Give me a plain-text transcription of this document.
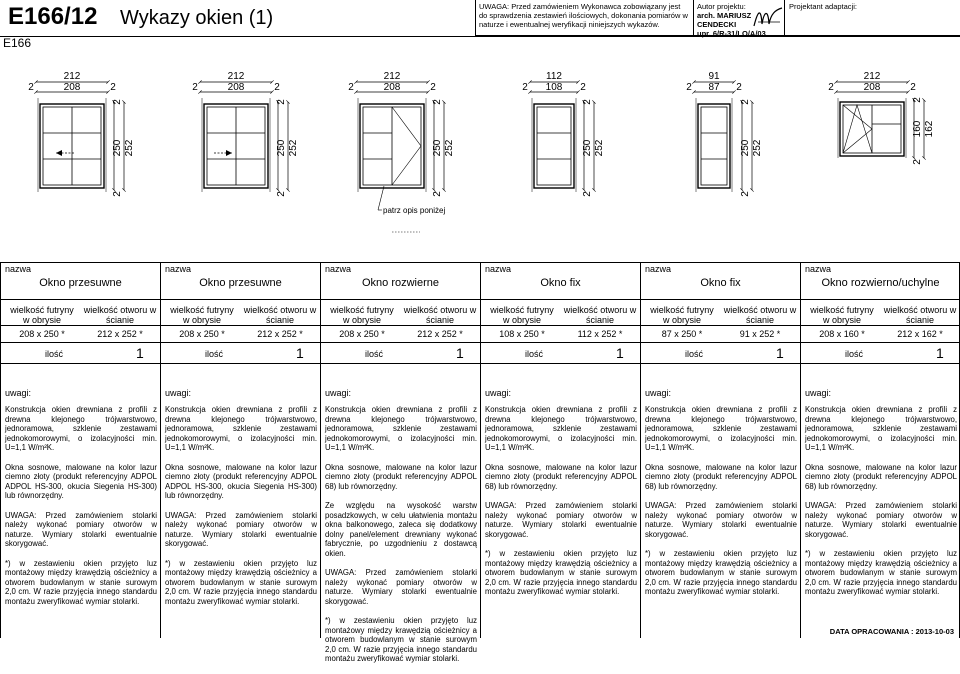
E166/12 Wykazy okien (1)
UWAGA: Przed zamówieniem Wykonawca zobowiązany jest do sprawdzenia zestawień ilościowych, dokonania pomiarów w naturze i ewentualnej weryfikacji niniejszych wykazów.
Autor projektu:
arch. MARIUSZ CENDECKI
upr. 6/R-31/LO/A/03
Projektant adaptacji:
E166
212
208
2	2
250 252
2
2
212
208
2	2
250 252
2
2
212
208
2	2
250 252
2
2
patrz opis poniżej
112
108
2	2
250 252
2
2
91
87
2	2
250 252
2
2
212
208
2	2
160 162
2
2
nazwa
Okno przesuwne
wielkość futryny w obrysie
wielkość otworu w ścianie
208 x 250 *	212 x 252 *
ilość	1
uwagi:

Konstrukcja okien drewniana z profili z drewna klejonego trójwarstwowo, jednoramowa, szklenie zestawami jednokomorowymi, o izolacyjności min. U=1,1 W/m²K.

Okna sosnowe, malowane na kolor lazur ciemno złoty (produkt referencyjny ADPOL ADPOL HS-300, okucia Siegenia HS-300) lub równorzędny.

UWAGA: Przed zamówieniem stolarki należy wykonać pomiary otworów w naturze. Wymiary stolarki ewentualnie skorygować.

*) w zestawieniu okien przyjęto luz montażowy między krawędzią ościeżnicy a otworem budowlanym w stanie surowym 2,0 cm. W razie przyjęcia innego standardu montażu zweryfikować wymiar stolarki.

nazwa
Okno przesuwne
wielkość futryny w obrysie
wielkość otworu w ścianie
208 x 250 *	212 x 252 *
ilość	1
uwagi:

Konstrukcja okien drewniana z profili z drewna klejonego trójwarstwowo, jednoramowa, szklenie zestawami jednokomorowymi, o izolacyjności min. U=1,1 W/m²K.

Okna sosnowe, malowane na kolor lazur ciemno złoty (produkt referencyjny ADPOL ADPOL HS-300, okucia Siegenia HS-300) lub równorzędny.

UWAGA: Przed zamówieniem stolarki należy wykonać pomiary otworów w naturze. Wymiary stolarki ewentualnie skorygować.

*) w zestawieniu okien przyjęto luz montażowy między krawędzią ościeżnicy a otworem budowlanym w stanie surowym 2,0 cm. W razie przyjęcia innego standardu montażu zweryfikować wymiar stolarki.

nazwa
Okno rozwierne
wielkość futryny w obrysie
wielkość otworu w ścianie
208 x 250 *	212 x 252 *
ilość	1
uwagi:

Konstrukcja okien drewniana z profili z drewna klejonego trójwarstwowo, jednoramowa, szklenie zestawami jednokomorowymi, o izolacyjności min. U=1,1 W/m²K.

Okna sosnowe, malowane na kolor lazur ciemno złoty (produkt referencyjny ADPOL 68) lub równorzędny.

Ze względu na wysokość warstw posadzkowych, w celu ułatwienia montażu okna balkonowego, zaleca się dodatkowy dolny panel/element drewniany wykonać fabrycznie, po uzgodnieniu z dostawcą okien.

UWAGA: Przed zamówieniem stolarki należy wykonać pomiary otworów w naturze. Wymiary stolarki ewentualnie skorygować.

*) w zestawieniu okien przyjęto luz montażowy między krawędzią ościeżnicy a otworem budowlanym w stanie surowym 2,0 cm. W razie przyjęcia innego standardu montażu zweryfikować wymiar stolarki.

nazwa
Okno fix
wielkość futryny w obrysie
wielkość otworu w ścianie
108 x 250 *	112 x 252 *
ilość	1
uwagi:

Konstrukcja okien drewniana z profili z drewna klejonego trójwarstwowo, jednoramowa, szklenie zestawami jednokomorowymi, o izolacyjności min. U=1,1 W/m²K.

Okna sosnowe, malowane na kolor lazur ciemno złoty (produkt referencyjny ADPOL 68) lub równorzędny.

UWAGA: Przed zamówieniem stolarki należy wykonać pomiary otworów w naturze. Wymiary stolarki ewentualnie skorygować.

*) w zestawieniu okien przyjęto luz montażowy między krawędzią ościeżnicy a otworem budowlanym w stanie surowym 2,0 cm. W razie przyjęcia innego standardu montażu zweryfikować wymiar stolarki.

nazwa
Okno fix
wielkość futryny w obrysie
wielkość otworu w ścianie
87 x 250 *	91 x 252 *
ilość	1
uwagi:

Konstrukcja okien drewniana z profili z drewna klejonego trójwarstwowo, jednoramowa, szklenie zestawami jednokomorowymi, o izolacyjności min. U=1,1 W/m²K.

Okna sosnowe, malowane na kolor lazur ciemno złoty (produkt referencyjny ADPOL 68) lub równorzędny.

UWAGA: Przed zamówieniem stolarki należy wykonać pomiary otworów w naturze. Wymiary stolarki ewentualnie skorygować.

*) w zestawieniu okien przyjęto luz montażowy między krawędzią ościeżnicy a otworem budowlanym w stanie surowym 2,0 cm. W razie przyjęcia innego standardu montażu zweryfikować wymiar stolarki.

nazwa
Okno rozwierno/uchylne
wielkość futryny w obrysie
wielkość otworu w ścianie
208 x 160 *	212 x 162 *
ilość	1
uwagi:

Konstrukcja okien drewniana z profili z drewna klejonego trójwarstwowo, jednoramowa, szklenie zestawami jednokomorowymi, o izolacyjności min. U=1,1 W/m²K.

Okna sosnowe, malowane na kolor lazur ciemno złoty (produkt referencyjny ADPOL 68) lub równorzędny.

UWAGA: Przed zamówieniem stolarki należy wykonać pomiary otworów w naturze. Wymiary stolarki ewentualnie skorygować.

*) w zestawieniu okien przyjęto luz montażowy między krawędzią ościeżnicy a otworem budowlanym w stanie surowym 2,0 cm. W razie przyjęcia innego standardu montażu zweryfikować wymiar stolarki.

DATA OPRACOWANIA : 2013-10-03
